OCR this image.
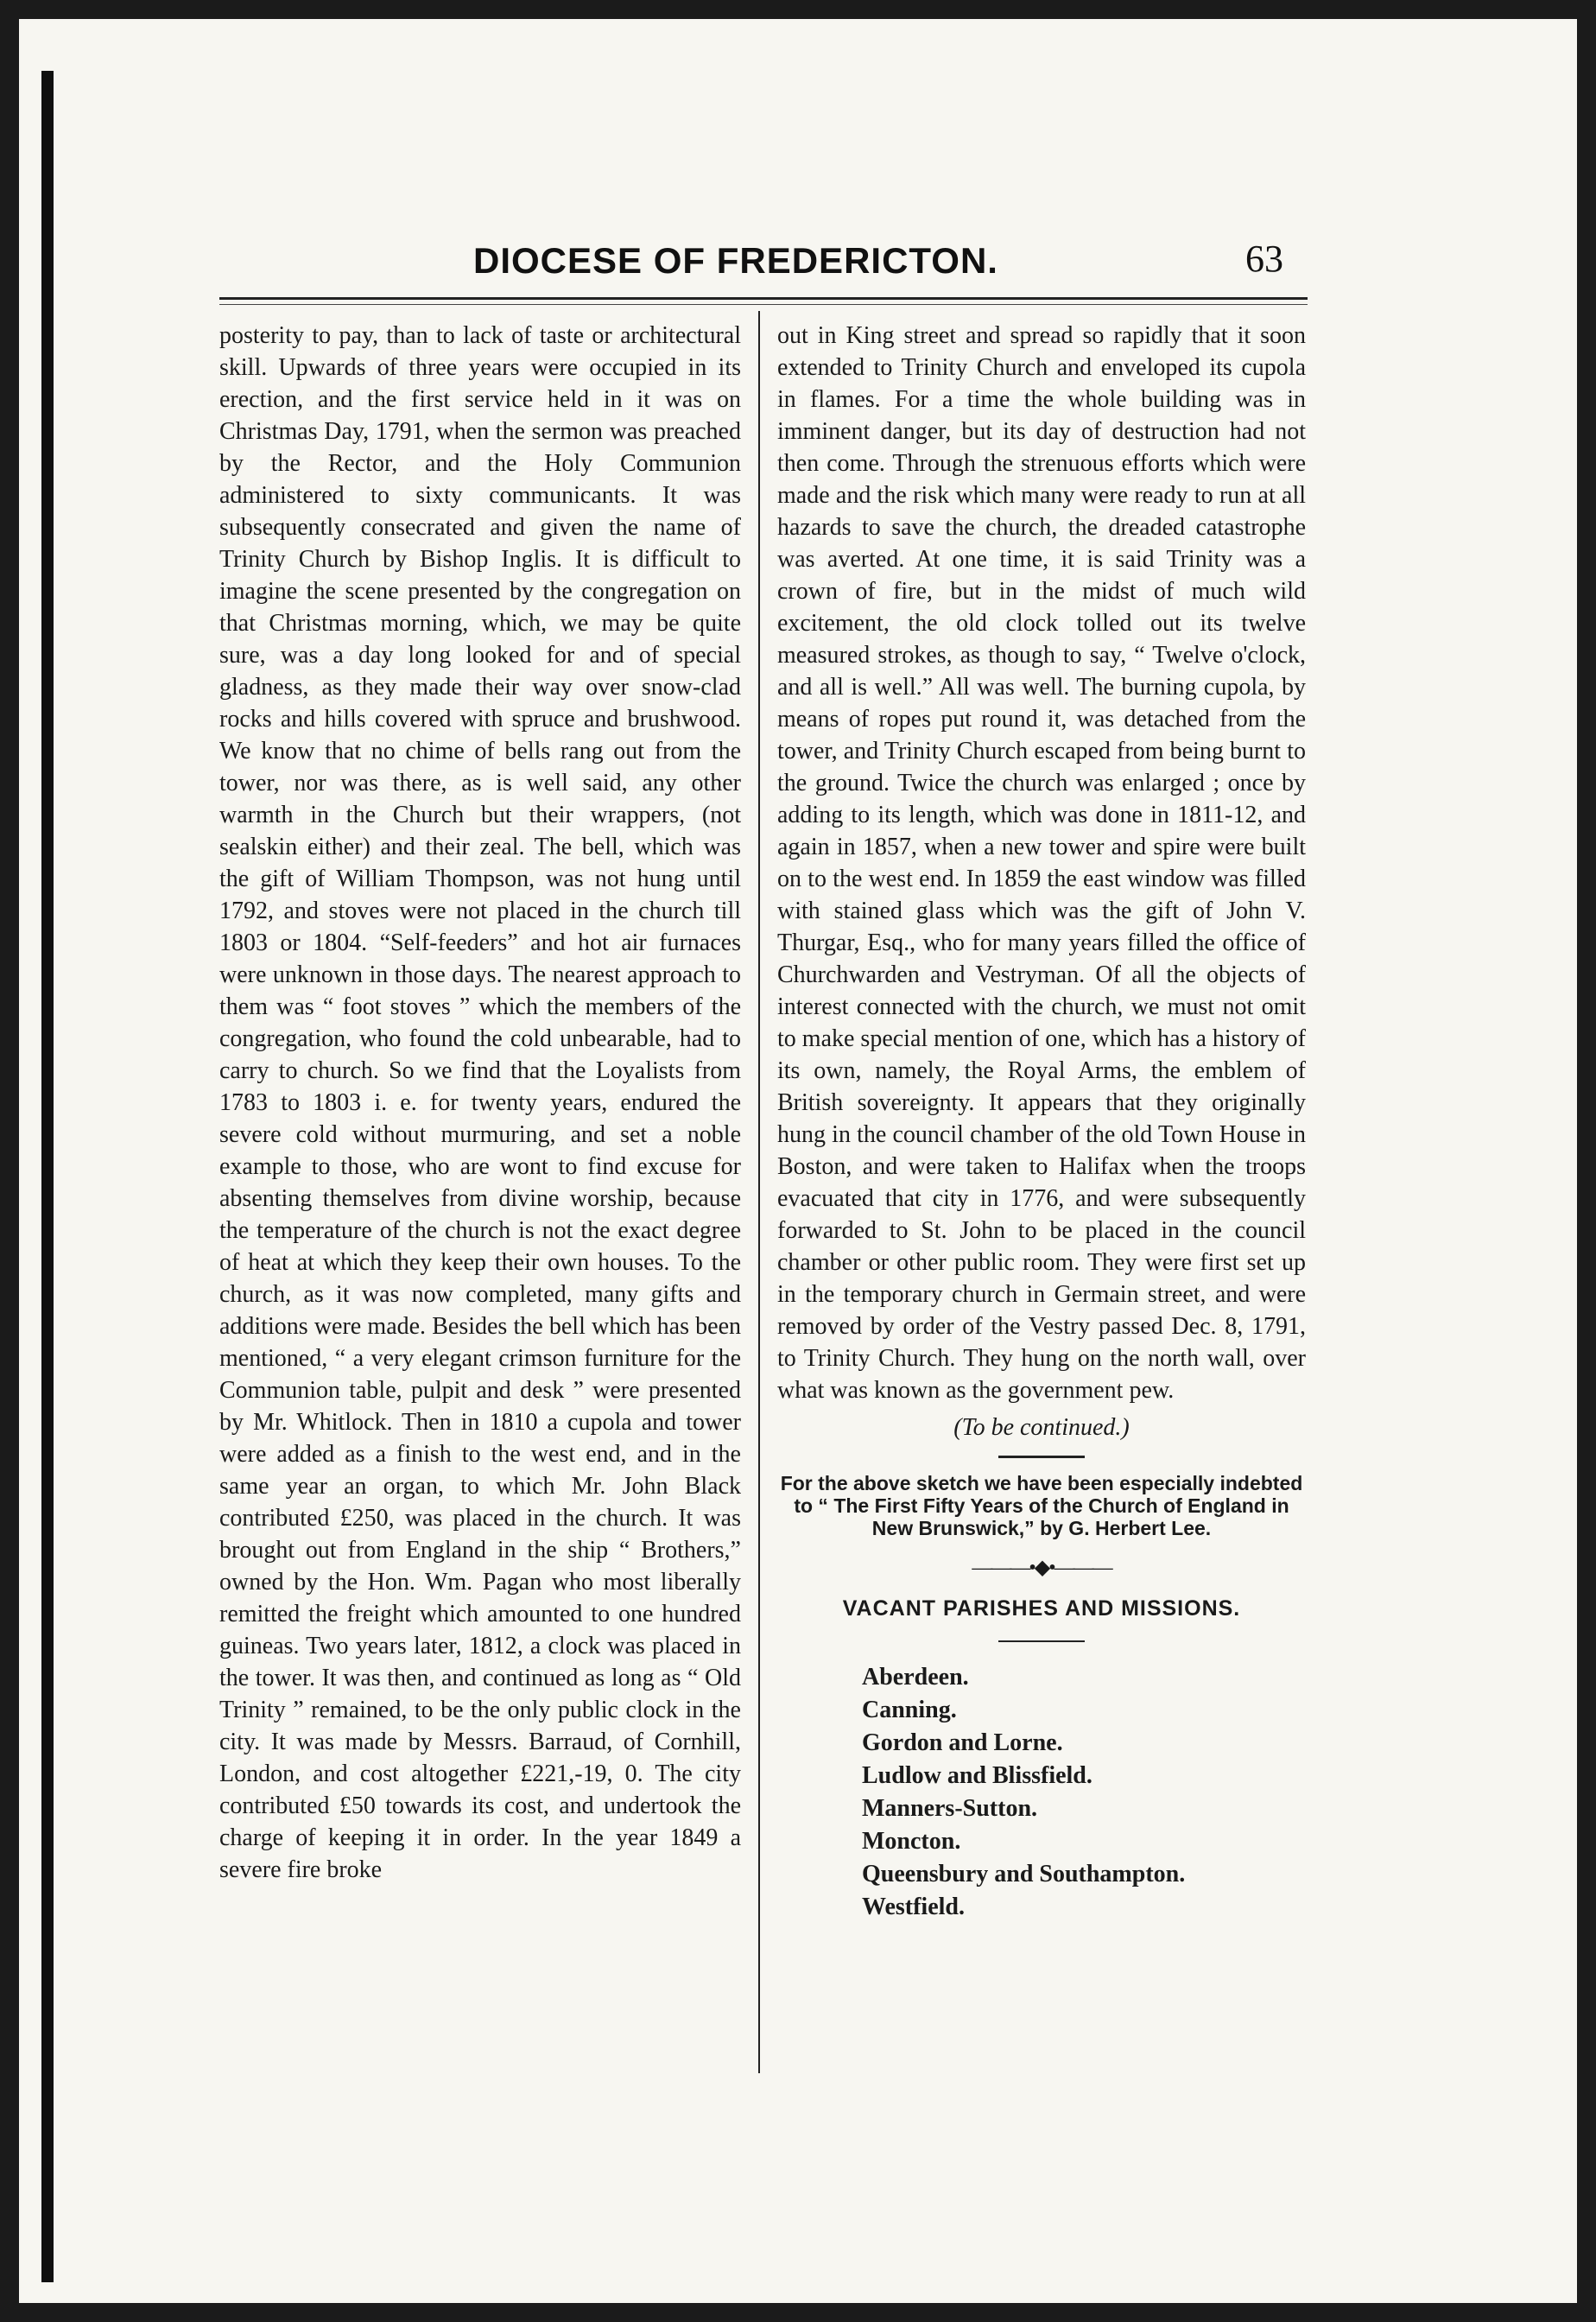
DIOCESE OF FREDERICTON.	63

posterity to pay, than to lack of taste or architectural skill. Upwards of three years were occupied in its erection, and the first service held in it was on Christmas Day, 1791, when the sermon was preached by the Rector, and the Holy Communion administered to sixty communicants. It was subsequently consecrated and given the name of Trinity Church by Bishop Inglis. It is difficult to imagine the scene presented by the congregation on that Christmas morning, which, we may be quite sure, was a day long looked for and of special gladness, as they made their way over snow-clad rocks and hills covered with spruce and brushwood. We know that no chime of bells rang out from the tower, nor was there, as is well said, any other warmth in the Church but their wrappers, (not sealskin either) and their zeal. The bell, which was the gift of William Thompson, was not hung until 1792, and stoves were not placed in the church till 1803 or 1804. “Self-feeders” and hot air furnaces were unknown in those days. The nearest approach to them was “ foot stoves ” which the members of the congregation, who found the cold unbearable, had to carry to church. So we find that the Loyalists from 1783 to 1803 i. e. for twenty years, endured the severe cold without murmuring, and set a noble example to those, who are wont to find excuse for absenting themselves from divine worship, because the temperature of the church is not the exact degree of heat at which they keep their own houses. To the church, as it was now completed, many gifts and additions were made. Besides the bell which has been mentioned, “ a very elegant crimson furniture for the Communion table, pulpit and desk ” were presented by Mr. Whitlock. Then in 1810 a cupola and tower were added as a finish to the west end, and in the same year an organ, to which Mr. John Black contributed £250, was placed in the church. It was brought out from England in the ship “ Brothers,” owned by the Hon. Wm. Pagan who most liberally remitted the freight which amounted to one hundred guineas. Two years later, 1812, a clock was placed in the tower. It was then, and continued as long as “ Old Trinity ” remained, to be the only public clock in the city. It was made by Messrs. Barraud, of Cornhill, London, and cost altogether £221,-19, 0. The city contributed £50 towards its cost, and undertook the charge of keeping it in order. In the year 1849 a severe fire broke

out in King street and spread so rapidly that it soon extended to Trinity Church and enveloped its cupola in flames. For a time the whole building was in imminent danger, but its day of destruction had not then come. Through the strenuous efforts which were made and the risk which many were ready to run at all hazards to save the church, the dreaded catastrophe was averted. At one time, it is said Trinity was a crown of fire, but in the midst of much wild excitement, the old clock tolled out its twelve measured strokes, as though to say, “ Twelve o'clock, and all is well.” All was well. The burning cupola, by means of ropes put round it, was detached from the tower, and Trinity Church escaped from being burnt to the ground. Twice the church was enlarged ; once by adding to its length, which was done in 1811-12, and again in 1857, when a new tower and spire were built on to the west end. In 1859 the east window was filled with stained glass which was the gift of John V. Thurgar, Esq., who for many years filled the office of Churchwarden and Vestryman. Of all the objects of interest connected with the church, we must not omit to make special mention of one, which has a history of its own, namely, the Royal Arms, the emblem of British sovereignty. It appears that they originally hung in the council chamber of the old Town House in Boston, and were taken to Halifax when the troops evacuated that city in 1776, and were subsequently forwarded to St. John to be placed in the council chamber or other public room. They were first set up in the temporary church in Germain street, and were removed by order of the Vestry passed Dec. 8, 1791, to Trinity Church. They hung on the north wall, over what was known as the government pew.

(To be continued.)

For the above sketch we have been especially indebted to “ The First Fifty Years of the Church of England in New Brunswick,” by G. Herbert Lee.
———•◆•———
VACANT PARISHES AND MISSIONS.
Aberdeen.
Canning.
Gordon and Lorne.
Ludlow and Blissfield.
Manners-Sutton.
Moncton.
Queensbury and Southampton.
Westfield.
